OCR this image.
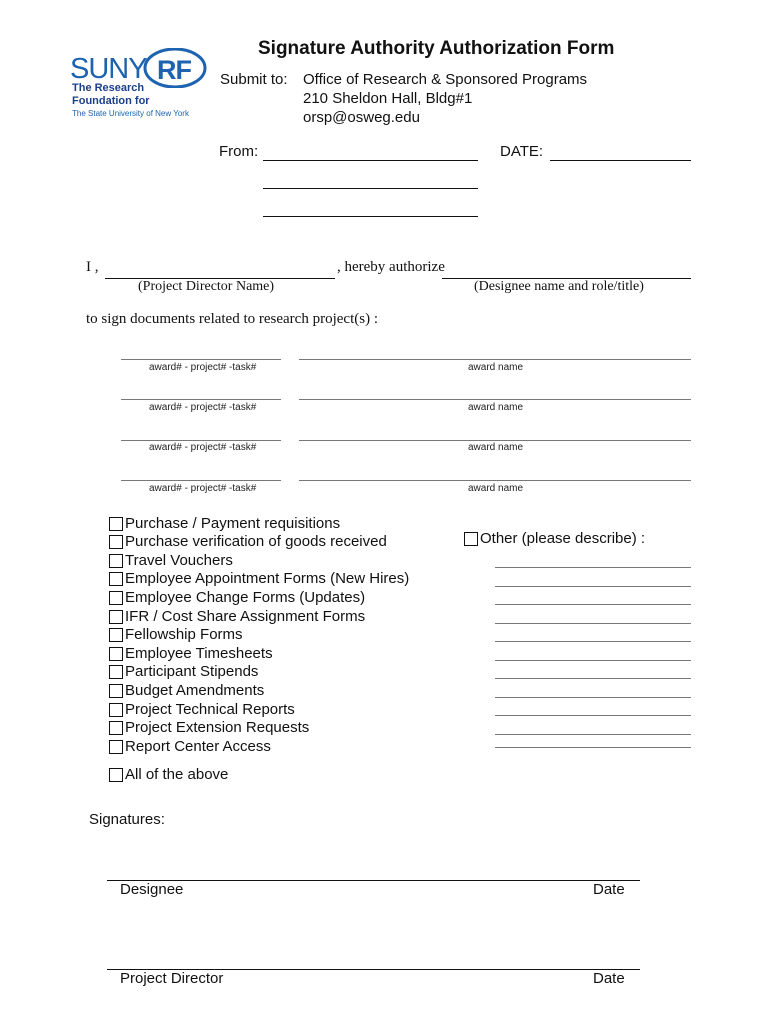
SUNY RF
The Research
Foundation for
The State University of New York
Signature Authority Authorization Form
Submit to: Office of Research & Sponsored Programs
210 Sheldon Hall, Bldg#1
orsp@osweg.edu
From:	DATE:
I ,	, hereby authorize
(Project Director Name)	(Designee name and role/title)
to sign documents related to research project(s) :
award# - project# -task#	award name
award# - project# -task#	award name
award# - project# -task#	award name
award# - project# -task#	award name
Purchase / Payment requisitions
Purchase verification of goods received
Travel Vouchers
Employee Appointment Forms (New Hires)
Employee Change Forms (Updates)
IFR / Cost Share Assignment Forms
Fellowship Forms
Employee Timesheets
Participant Stipends
Budget Amendments
Project Technical Reports
Project Extension Requests
Report Center Access
All of the above
Other (please describe) :
Signatures:
Designee	Date
Project Director	Date
